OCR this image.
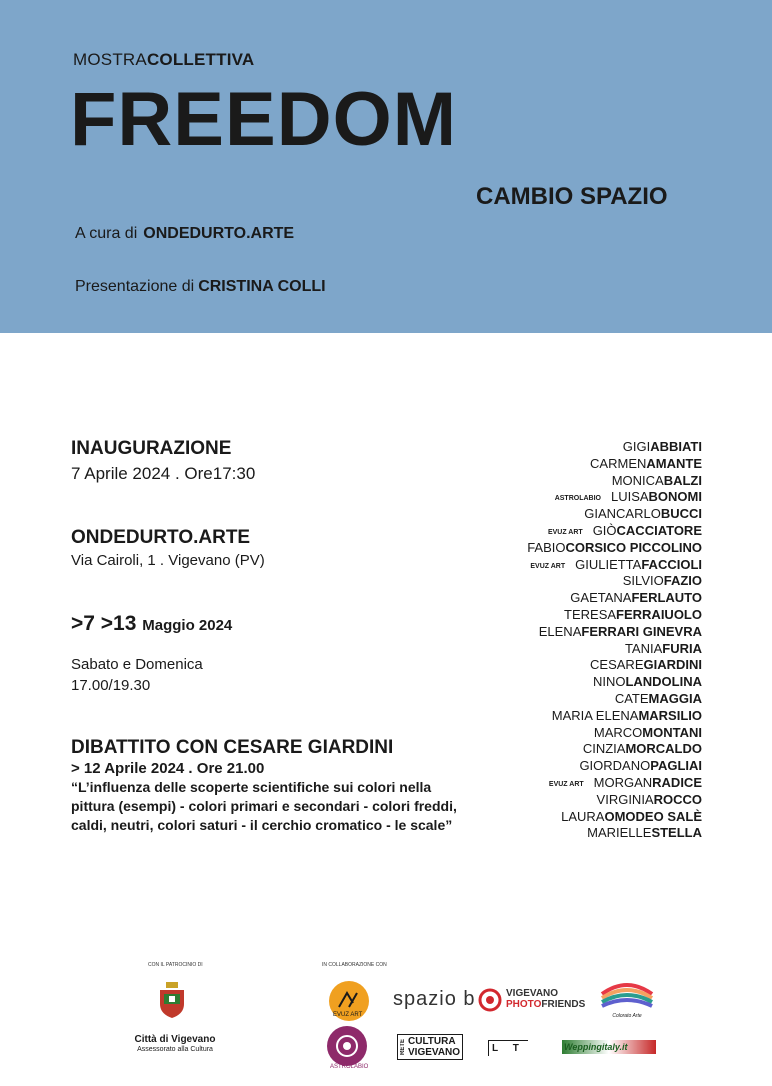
MOSTRACOLLETTIVA
FREEDOM
CAMBIO SPAZIO
A cura di ONDEDURTO.ARTE
Presentazione di CRISTINA COLLI
INAUGURAZIONE
7 Aprile 2024 . Ore17:30
ONDEDURTO.ARTE
Via Cairoli, 1 . Vigevano (PV)
>7 >13 Maggio 2024
Sabato e Domenica
17.00/19.30
DIBATTITO CON CESARE GIARDINI
> 12 Aprile 2024 . Ore 21.00
“L’influenza delle scoperte scientifiche sui colori nella pittura (esempi) - colori primari e secondari - colori freddi, caldi, neutri, colori saturi - il cerchio cromatico - le scale”
GIGIABBIATI
CARMENAMANTE
MONICABALZI
ASTROLABIO LUISABONOMI
GIANCARLOBUCCI
EVUZ ART GIÒCACCIATORE
FABIOCORSICO PICCOLINO
EVUZ ART GIULIETTAFACCIOLI
SILVIOFAZIO
GAETANAFERLAUTO
TERESAFERRAIUOLO
ELENAFERRARI GINEVRA
TANIAFURIA
CESAREGIARDINI
NINOLANDOLINA
CATEMAGGIA
MARIA ELENAMARSILIO
MARCOMONTANI
CINZIAMORCALDO
GIORDANOPAGLIAI
EVUZ ART MORGANRADICE
VIRGINIAROCCO
LAURAOMODEO SALÈ
MARIELLESTELLA
CON IL PATROCINIO DI
Città di Vigevano
Assessorato alla Cultura
IN COLLABORAZIONE CON
EVUZ ART
ASTROLABIO
spazio b	VIGEVANO
PHOTOFRIENDS
Colorato Arte
RETE CULTURA
VIGEVANO	L T	Weppingitaly.it
